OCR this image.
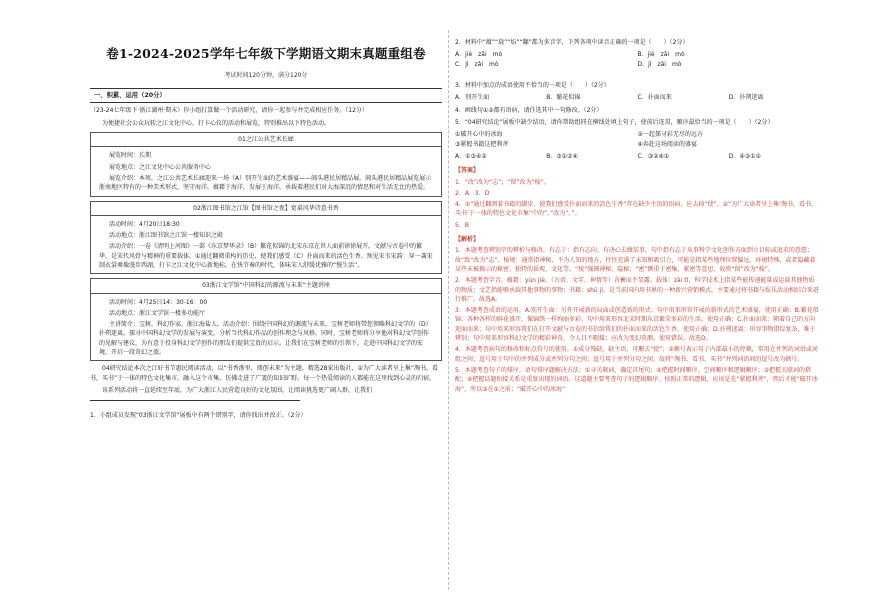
卷1-2024-2025学年七年级下学期语文期末真题重组卷
考试时间120分钟，满分120分
一、积累、运用（20分）

（23-24七年级下·浙江湖州·期末）你小组打算做一个活动研究，请你一起参与并完成相应任务。（12分）

为便捷社会公众玩转之江文化中心，打卡心仪的活动和展览，特别推出以下特色活动。

01之江公共艺术长廊

展览时间：长期

展览地点：之江文化中心公共服务中心

展览介绍：本周，之江公共艺术长廊迎来一场（A）别开生面的艺术盛宴——阆头港民居精品展。阆头港民居精品展览展示浙南地区特有的一种美术形式，坚守海洋，蕴藉于海洋，发展于海洋，承载着港民们对大海深沉的情思和对生活无比的热爱。

02浙江图书馆之江馆【图书馆之夜】宽桌风华诗意书香

活动时间：4月20日18:30

活动地点：浙江图书馆之江馆一楼知识之殿

活动介绍：一卷《清明上河图》一部《东京梦华录》（B）繁花似锦的北宋东京在世人面前徐徐展开。文献与古卷中的繁华，是宋代风骨与精神的重要载体。①通过翻阅重构的历史，使我们感受（C）扑面而来的活色生香。预见宋韦宋韵：穿一袭宋制衣裳乘像漫步西湖，打卡之江文化中心新地标，在快节奏的时代，体味宋人舒缓优雅的“慢生活”。

03浙江文学馆“中国科幻的源流与未来”主题讲座

活动时间：4月25日14：30-16：00

活动地点：浙江文学馆一楼多功能厅

主讲简介：宝树，科幻作家，浙江海盐人。活动介绍：围绕中国科幻的源流与未来，宝树老师将带您领略科幻文学的（D）扑朔迷离，探寻中国科幻文学的发展与演变。分析当代科幻作品的创作理念与风格。同时，宝树老师将分享他对科幻文学创作的见解与建议，为有意于投身科幻文学创作的朋友们提供宝贵的启示。让我们在宝树老师的引领下，走进中国科幻文学的宏境，开启一段奇幻之旅。

04研究结论本次之江好书节惠民阅读活动，以“书香浙里，阅创未来”为主题，精选28家出版社，②为广大读者呈上集“淘书，看书，买书”于一体的特色文化集市。融入这个市集，仿佛走进了广袤的知识旷野。每一个热爱阅读的人都能在这里找到心灵的归宿。

该系列活动将一直延续至年底，为广大浙江人民营造良好的文化氛围，让阅读挑选更广阔人群，让我们

1．小组成员发现“03浙江文学馆”展板中有两个错别字，请你找出并改正。（2分）

2．材料中“蕴”“载”“焰”“翻”都为多音字，下列各项中读音正确的一项是（　　）（2分）

A．jiè　zǎi　mò	B．jiè　zǎi　mò
C．jì　zǎi　mò	D．jì　zǎi　mò

3．材料中加点的成语使用不恰当的一项是（　　）（2分）

A．别开生面	B．繁花似锦	C．扑面而来	D．扑朔迷离

4．画线句①②都有语病，请任选其中一句修改。（2分）

5．“04研究结论”展板中缺少结语，请你帮助组同在横线处填上句子，使前后连贯，顺序最恰当的一项是（　　）（2分）

①破开心中的冰海	②一起探寻彩无尽的远方
③紧握书籍这把利斧	④奔赴这场阅读的盛宴
A．①③④②	B．③①②④	C．③②④①	D．④③①②
【答案】

1．“改”改为“志”；“留”改为“棱”。

2．A　3．D

4．①“通过翻阅着书籍的脚步，使我们感受扑面而来的活色生香”存在缺少主语的语病，应去掉“使”。②“为广大读者呈上集‘淘书，看书，买书’于一体的特色文化市集”中的“，”改为“、”。

5．B

【解析】

1．本题考查辨别字的辨析与修改。有志于：指有志向、有决心去做某事，句中指有志于从事科学文化创作方面到立目标或追求的意愿；故“致”改为“志”。棱境：通常指神秘、不为人知的地方，往往充满了未知和吸引力，可能是指某些地理位置偏远、环境特殊，或者隐藏着某些未被揭示的秘密、独特的景观、文化等。“棱”强调神秘、隐秘；“密”侧重于密集、紧密等意思，故将“留”改为“棱”。

2．本题考查字音。蕴藉：yùn jiè，（言语、文字、神情等）含蓄而不显露。载体：zài tǐ，科学技术上指某些能传递能量或运载其他物质的物质；文艺指能够承载其他事物的事物；书籍：shū jí。是当前国内用书界的一种新兴营销模式，主要通过将书籍与娱乐活动相结合来进行推广。故选A。

3．本题考查成语的运用。A.别开生面：另外开展新的局面或创造新的形式；句中用来形容开展的新形式的艺术盛宴，使用正确；B.繁花似锦：各种各样的鲜花盛开，像锦绣一样绚丽多彩。句中用来形容北宋时期东京繁荣多彩的生活，使用正确；C.扑面而来：朝着自己的方向迎面而来；句中用来形容我们在打开文献与古卷的书信给我们的扑面而来的活色生香，使用正确；D.扑朔迷离：形容事物错综复杂，难于辨别；句中用来形容科幻文学的精彩神奇，令人目不暇接；应改为变幻莫测，使用错误。故选D。

4．本题考查病句的修改和标点符号的使用。①成分残缺，缺主语，可删去“使”；②顿号表示句子内部最小的停顿，常用在并列的词语或词组之间；逗号用于句中的并列成分或并列分句之间；逗号用于并列分句之间。故将“淘书，看书，买书”并列词语间的逗号改为顿号。

5．本题考查句子的排序。语句排序题解决方法：①寻关联词，确定首尾句；②把握时间顺序、空间顺序和逻辑顺序；③把握关联词的搭配；④把握话题衔接关系是重复出现的词语。这道题主要考查句子的逻辑顺序。按照正常的逻辑，应该是先“紧握利斧”，然后才能“破开冰海”，所以③在①之前；“破开心中的冰海”
